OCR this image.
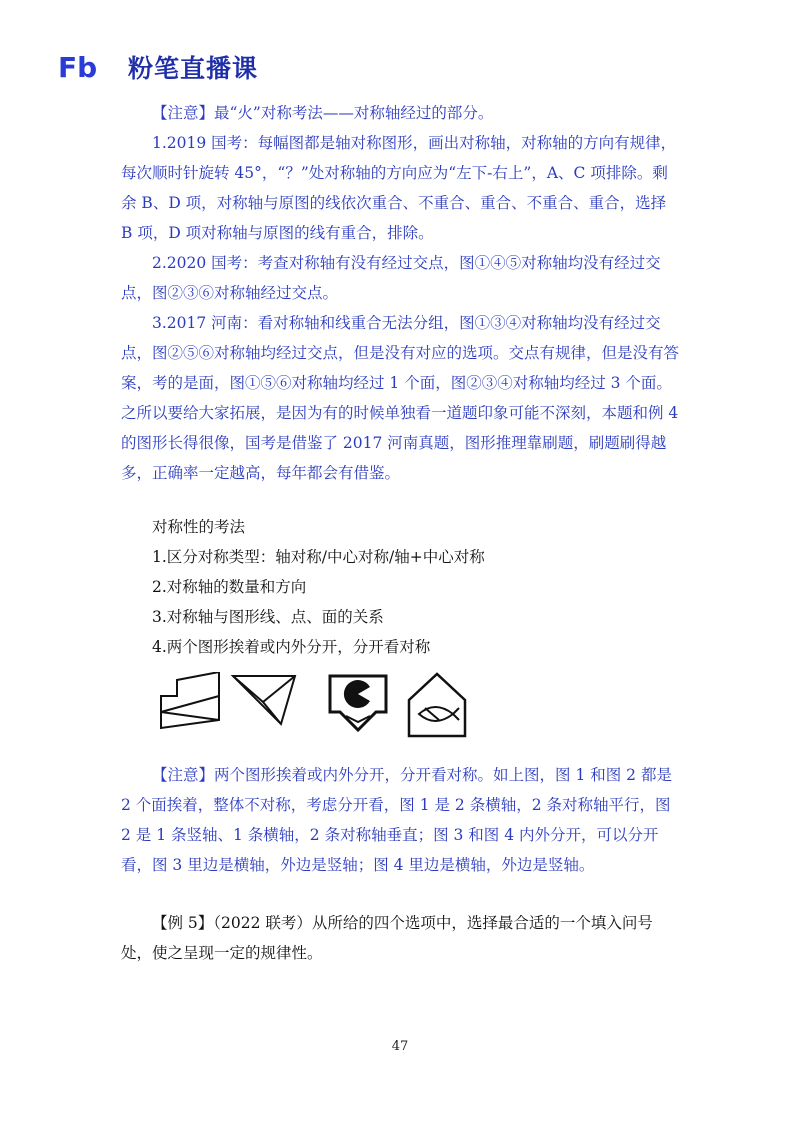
Fb 粉笔直播课

【注意】最“火”对称考法——对称轴经过的部分。

1.2019 国考：每幅图都是轴对称图形，画出对称轴，对称轴的方向有规律，每次顺时针旋转 45°，“？”处对称轴的方向应为“左下-右上”，A、C 项排除。剩余 B、D 项，对称轴与原图的线依次重合、不重合、重合、不重合、重合，选择 B 项，D 项对称轴与原图的线有重合，排除。

2.2020 国考：考查对称轴有没有经过交点，图①④⑤对称轴均没有经过交点，图②③⑥对称轴经过交点。

3.2017 河南：看对称轴和线重合无法分组，图①③④对称轴均没有经过交点，图②⑤⑥对称轴均经过交点，但是没有对应的选项。交点有规律，但是没有答案，考的是面，图①⑤⑥对称轴均经过 1 个面，图②③④对称轴均经过 3 个面。之所以要给大家拓展，是因为有的时候单独看一道题印象可能不深刻，本题和例 4 的图形长得很像，国考是借鉴了 2017 河南真题，图形推理靠刷题，刷题刷得越多，正确率一定越高，每年都会有借鉴。

对称性的考法

1.区分对称类型：轴对称/中心对称/轴+中心对称

2.对称轴的数量和方向

3.对称轴与图形线、点、面的关系

4.两个图形挨着或内外分开，分开看对称

【注意】两个图形挨着或内外分开，分开看对称。如上图，图 1 和图 2 都是 2 个面挨着，整体不对称，考虑分开看，图 1 是 2 条横轴，2 条对称轴平行，图 2 是 1 条竖轴、1 条横轴，2 条对称轴垂直；图 3 和图 4 内外分开，可以分开看，图 3 里边是横轴，外边是竖轴；图 4 里边是横轴，外边是竖轴。

【例 5】（2022 联考）从所给的四个选项中，选择最合适的一个填入问号处，使之呈现一定的规律性。

47
